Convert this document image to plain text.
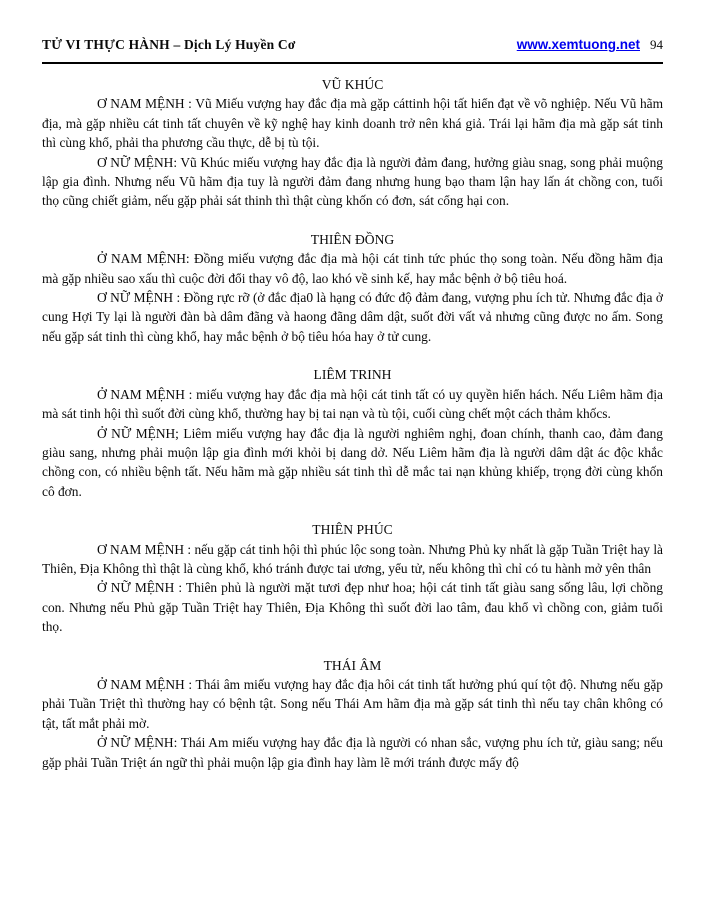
TỬ VI THỰC HÀNH – Dịch Lý Huyền Cơ	www.xemtuong.net 94
VŨ KHÚC

Ơ NAM MỆNH : Vũ Miếu vượng hay đắc địa mà gặp cáttinh hội tất hiển đạt về võ nghiệp. Nếu Vũ hãm địa, mà gặp nhiều cát tinh tất chuyên về kỹ nghệ hay kinh doanh trở nên khá giả. Trái lại hãm địa mà gặp sát tinh thì cùng khổ, phải tha phương cầu thực, dễ bị tù tội.

Ơ NỮ MỆNH: Vũ Khúc miếu vượng hay đắc địa là người đảm đang, hưởng giàu snag, song phải muộng lập gia đình. Nhưng nếu Vũ hãm địa tuy là người đảm đang nhưng hung bạo tham lận hay lấn át chồng con, tuổi thọ cũng chiết giảm, nếu gặp phải sát thinh thì thật cùng khốn có đơn, sát cổng hại con.

THIÊN ĐỒNG

Ở NAM MỆNH: Đồng miếu vượng đắc địa mà hội cát tinh tức phúc thọ song toàn. Nếu đồng hãm địa mà gặp nhiều sao xấu thì cuộc đời đổi thay vô độ, lao khó về sinh kế, hay mắc bệnh ở bộ tiêu hoá.

Ơ NỮ MỆNH : Đồng rực rỡ (ở đắc địa0 là hạng có đức độ đảm đang, vượng phu ích tử. Nhưng đắc địa ở cung Hợi Ty lại là người đàn bà dâm đãng và haong đãng dâm dật, suốt đời vất vả nhưng cũng được no ấm. Song nếu gặp sát tinh thì cùng khổ, hay mắc bệnh ở bộ tiêu hóa hay ở tử cung.

LIÊM TRINH

Ở NAM MỆNH : miếu vượng hay đắc địa mà hội cát tinh tất có uy quyền hiển hách. Nếu Liêm hãm địa mà sát tinh hội thì suốt đời cùng khổ, thường hay bị tai nạn và tù tội, cuối cùng chết một cách thảm khốcs.

Ở NỮ MỆNH; Liêm miếu vượng hay đắc địa là người nghiêm nghị, đoan chính, thanh cao, đảm đang giàu sang, nhưng phải muộn lập gia đình mới khỏi bị dang dở. Nếu Liêm hãm địa là người dâm dật ác độc khắc chồng con, có nhiều bệnh tất. Nếu hãm mà gặp nhiều sát tinh thì dễ mắc tai nạn khủng khiếp, trọng đời cùng khốn cô đơn.

THIÊN PHÚC

Ơ NAM MỆNH : nếu gặp cát tinh hội thì phúc lộc song toàn. Nhưng Phủ ky nhất là gặp Tuần Triệt hay là Thiên, Địa Không thì thật là cùng khổ, khó tránh được tai ương, yểu tử, nếu không thì chỉ có tu hành mở yên thân

Ở NỮ MỆNH : Thiên phủ là người mặt tươi đẹp như hoa; hội cát tinh tất giàu sang sống lâu, lợi chồng con. Nhưng nếu Phủ gặp Tuần Triệt hay Thiên, Địa Không thì suốt đời lao tâm, đau khổ vì chồng con, giảm tuổi thọ.

THÁI ÂM

Ở NAM MỆNH : Thái âm miếu vượng hay đắc địa hôi cát tinh tất hưởng phú quí tột độ. Nhưng nếu gặp phải Tuần Triệt thì thường hay có bệnh tật. Song nếu Thái Am hãm địa mà gặp sát tinh thì nếu tay chân không có tật, tất mắt phải mờ.

Ở NỮ MỆNH: Thái Am miếu vượng hay đắc địa là người có nhan sắc, vượng phu ích tử, giàu sang; nếu gặp phải Tuần Triệt án ngữ thì phải muộn lập gia đình hay làm lẽ mới tránh được mấy độ
